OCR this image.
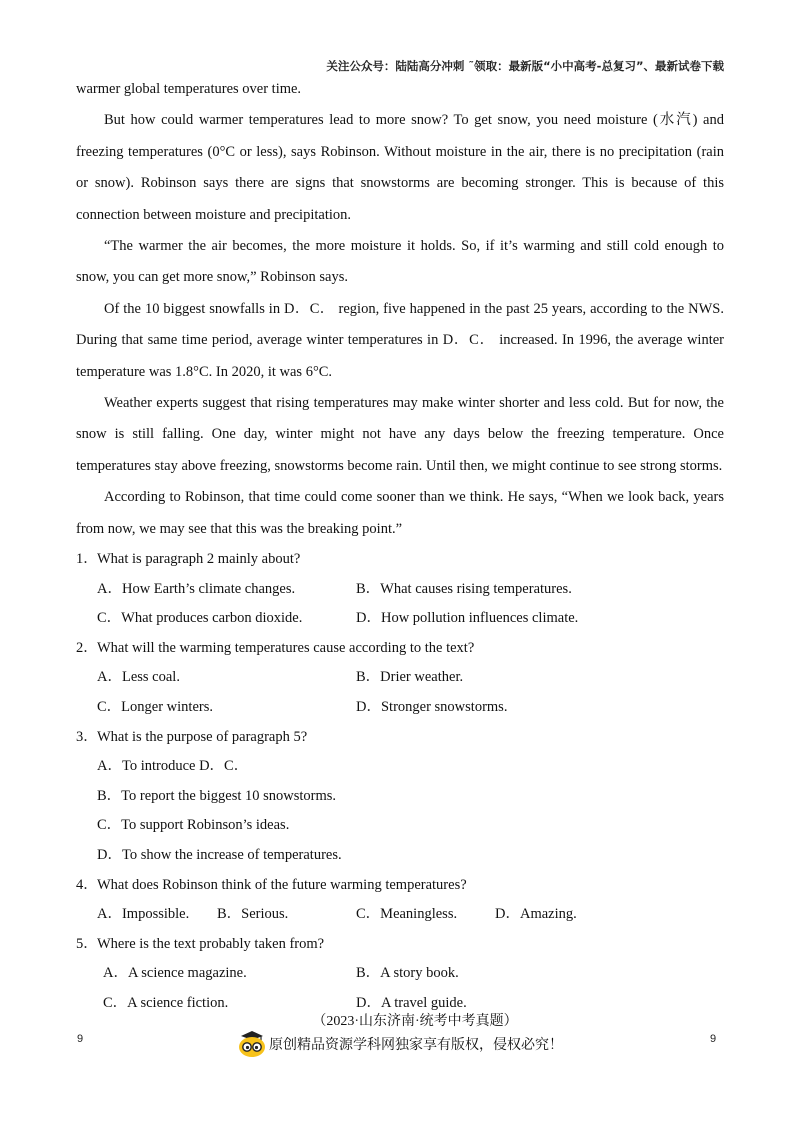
关注公众号：陆陆高分冲刺 ˜领取：最新版“小中高考-总复习”、最新试卷下载

warmer global temperatures over time.

But how could warmer temperatures lead to more snow? To get snow, you need moisture (水汽) and freezing temperatures (0°C or less), says Robinson. Without moisture in the air, there is no precipitation (rain or snow). Robinson says there are signs that snowstorms are becoming stronger. This is because of this connection between moisture and precipitation.

“The warmer the air becomes, the more moisture it holds. So, if it’s warming and still cold enough to snow, you can get more snow,” Robinson says.

Of the 10 biggest snowfalls in D．C． region, five happened in the past 25 years, according to the NWS. During that same time period, average winter temperatures in D．C． increased. In 1996, the average winter temperature was 1.8°C. In 2020, it was 6°C.

Weather experts suggest that rising temperatures may make winter shorter and less cold. But for now, the snow is still falling. One day, winter might not have any days below the freezing temperature. Once temperatures stay above freezing, snowstorms become rain. Until then, we might continue to see strong storms.

According to Robinson, that time could come sooner than we think. He says, “When we look back, years from now, we may see that this was the breaking point.”

1．What is paragraph 2 mainly about?
A．How Earth’s climate changes.	B．What causes rising temperatures.
C．What produces carbon dioxide.	D．How pollution influences climate.
2．What will the warming temperatures cause according to the text?
A．Less coal.	B．Drier weather.
C．Longer winters.	D．Stronger snowstorms.
3．What is the purpose of paragraph 5?
A．To introduce D．C．
B．To report the biggest 10 snowstorms.
C．To support Robinson’s ideas.
D．To show the increase of temperatures.
4．What does Robinson think of the future warming temperatures?
A．Impossible.	B．Serious.	C．Meaningless.	D．Amazing.
5．Where is the text probably taken from?
A．A science magazine.	B．A story book.
C．A science fiction.	D．A travel guide.
（2023·山东济南·统考中考真题）
9	9
原创精品资源学科网独家享有版权，侵权必究！
